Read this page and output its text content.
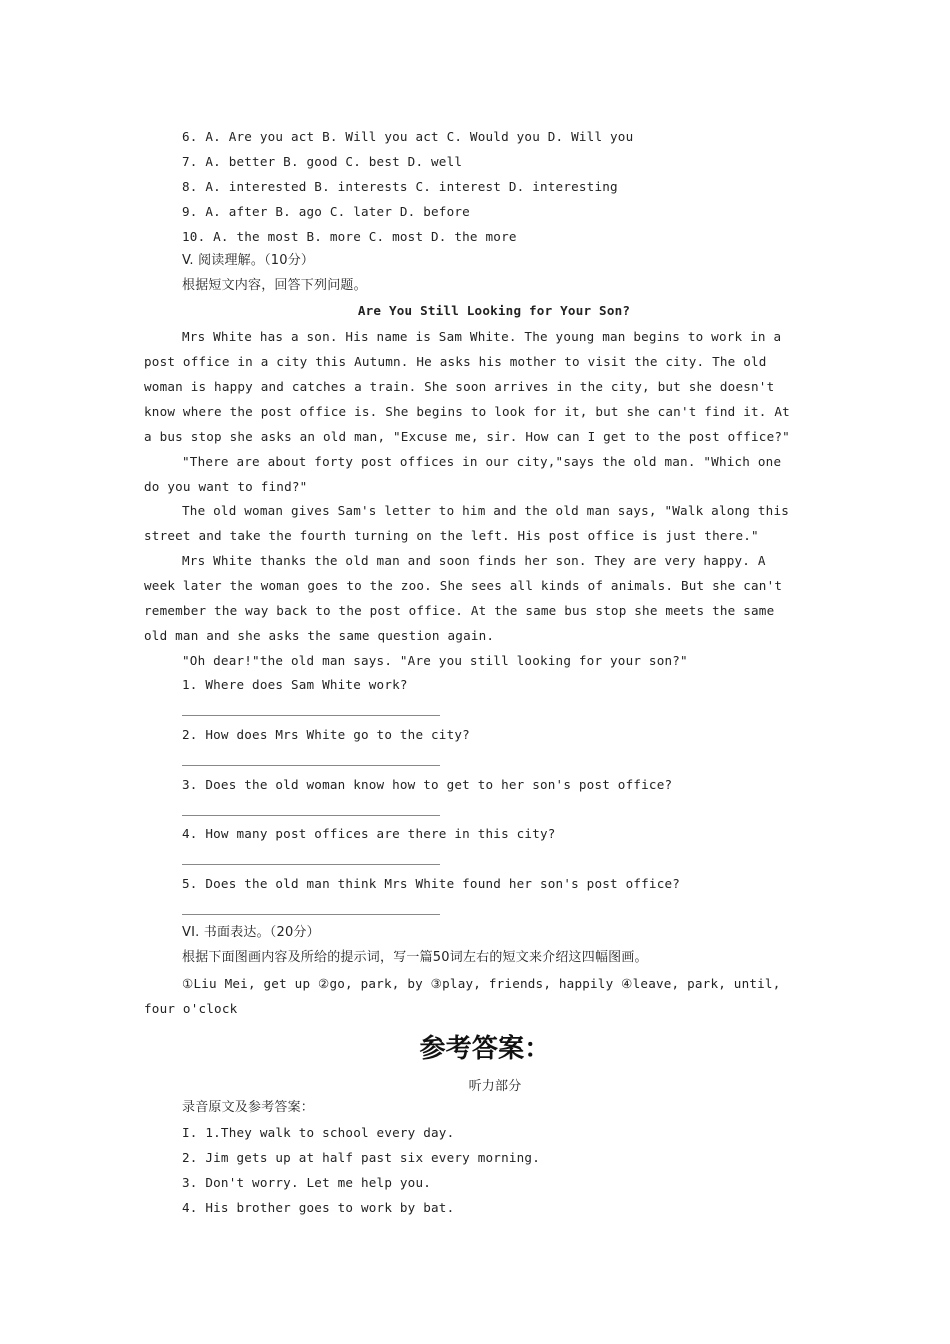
6. A. Are you act B. Will you act C. Would you D. Will you
7. A. better B. good C. best D. well
8. A. interested B. interests C. interest D. interesting
9. A. after B. ago C. later D. before
10. A. the most B. more C. most D. the more
V. 阅读理解。（10分）
根据短文内容，回答下列问题。
Are You Still Looking for Your Son?
Mrs White has a son. His name is Sam White. The young man begins to work in a post office in a city this Autumn. He asks his mother to visit the city. The old woman is happy and catches a train. She soon arrives in the city, but she doesn't know where the post office is. She begins to look for it, but she can't find it. At a bus stop she asks an old man, "Excuse me, sir. How can I get to the post office?"
"There are about forty post offices in our city,"says the old man. "Which one do you want to find?"
The old woman gives Sam's letter to him and the old man says, "Walk along this street and take the fourth turning on the left. His post office is just there."
Mrs White thanks the old man and soon finds her son. They are very happy. A week later the woman goes to the zoo. She sees all kinds of animals. But she can't remember the way back to the post office. At the same bus stop she meets the same old man and she asks the same question again.
"Oh dear!"the old man says. "Are you still looking for your son?"
1. Where does Sam White work?
2. How does Mrs White go to the city?
3. Does the old woman know how to get to her son's post office?
4. How many post offices are there in this city?
5. Does the old man think Mrs White found her son's post office?
VI. 书面表达。（20分）
根据下面图画内容及所给的提示词，写一篇50词左右的短文来介绍这四幅图画。
①Liu Mei, get up ②go, park, by ③play, friends, happily ④leave, park, until, four o'clock
参考答案：
听力部分
录音原文及参考答案：
I. 1.They walk to school every day.
2. Jim gets up at half past six every morning.
3. Don't worry. Let me help you.
4. His brother goes to work by bat.
